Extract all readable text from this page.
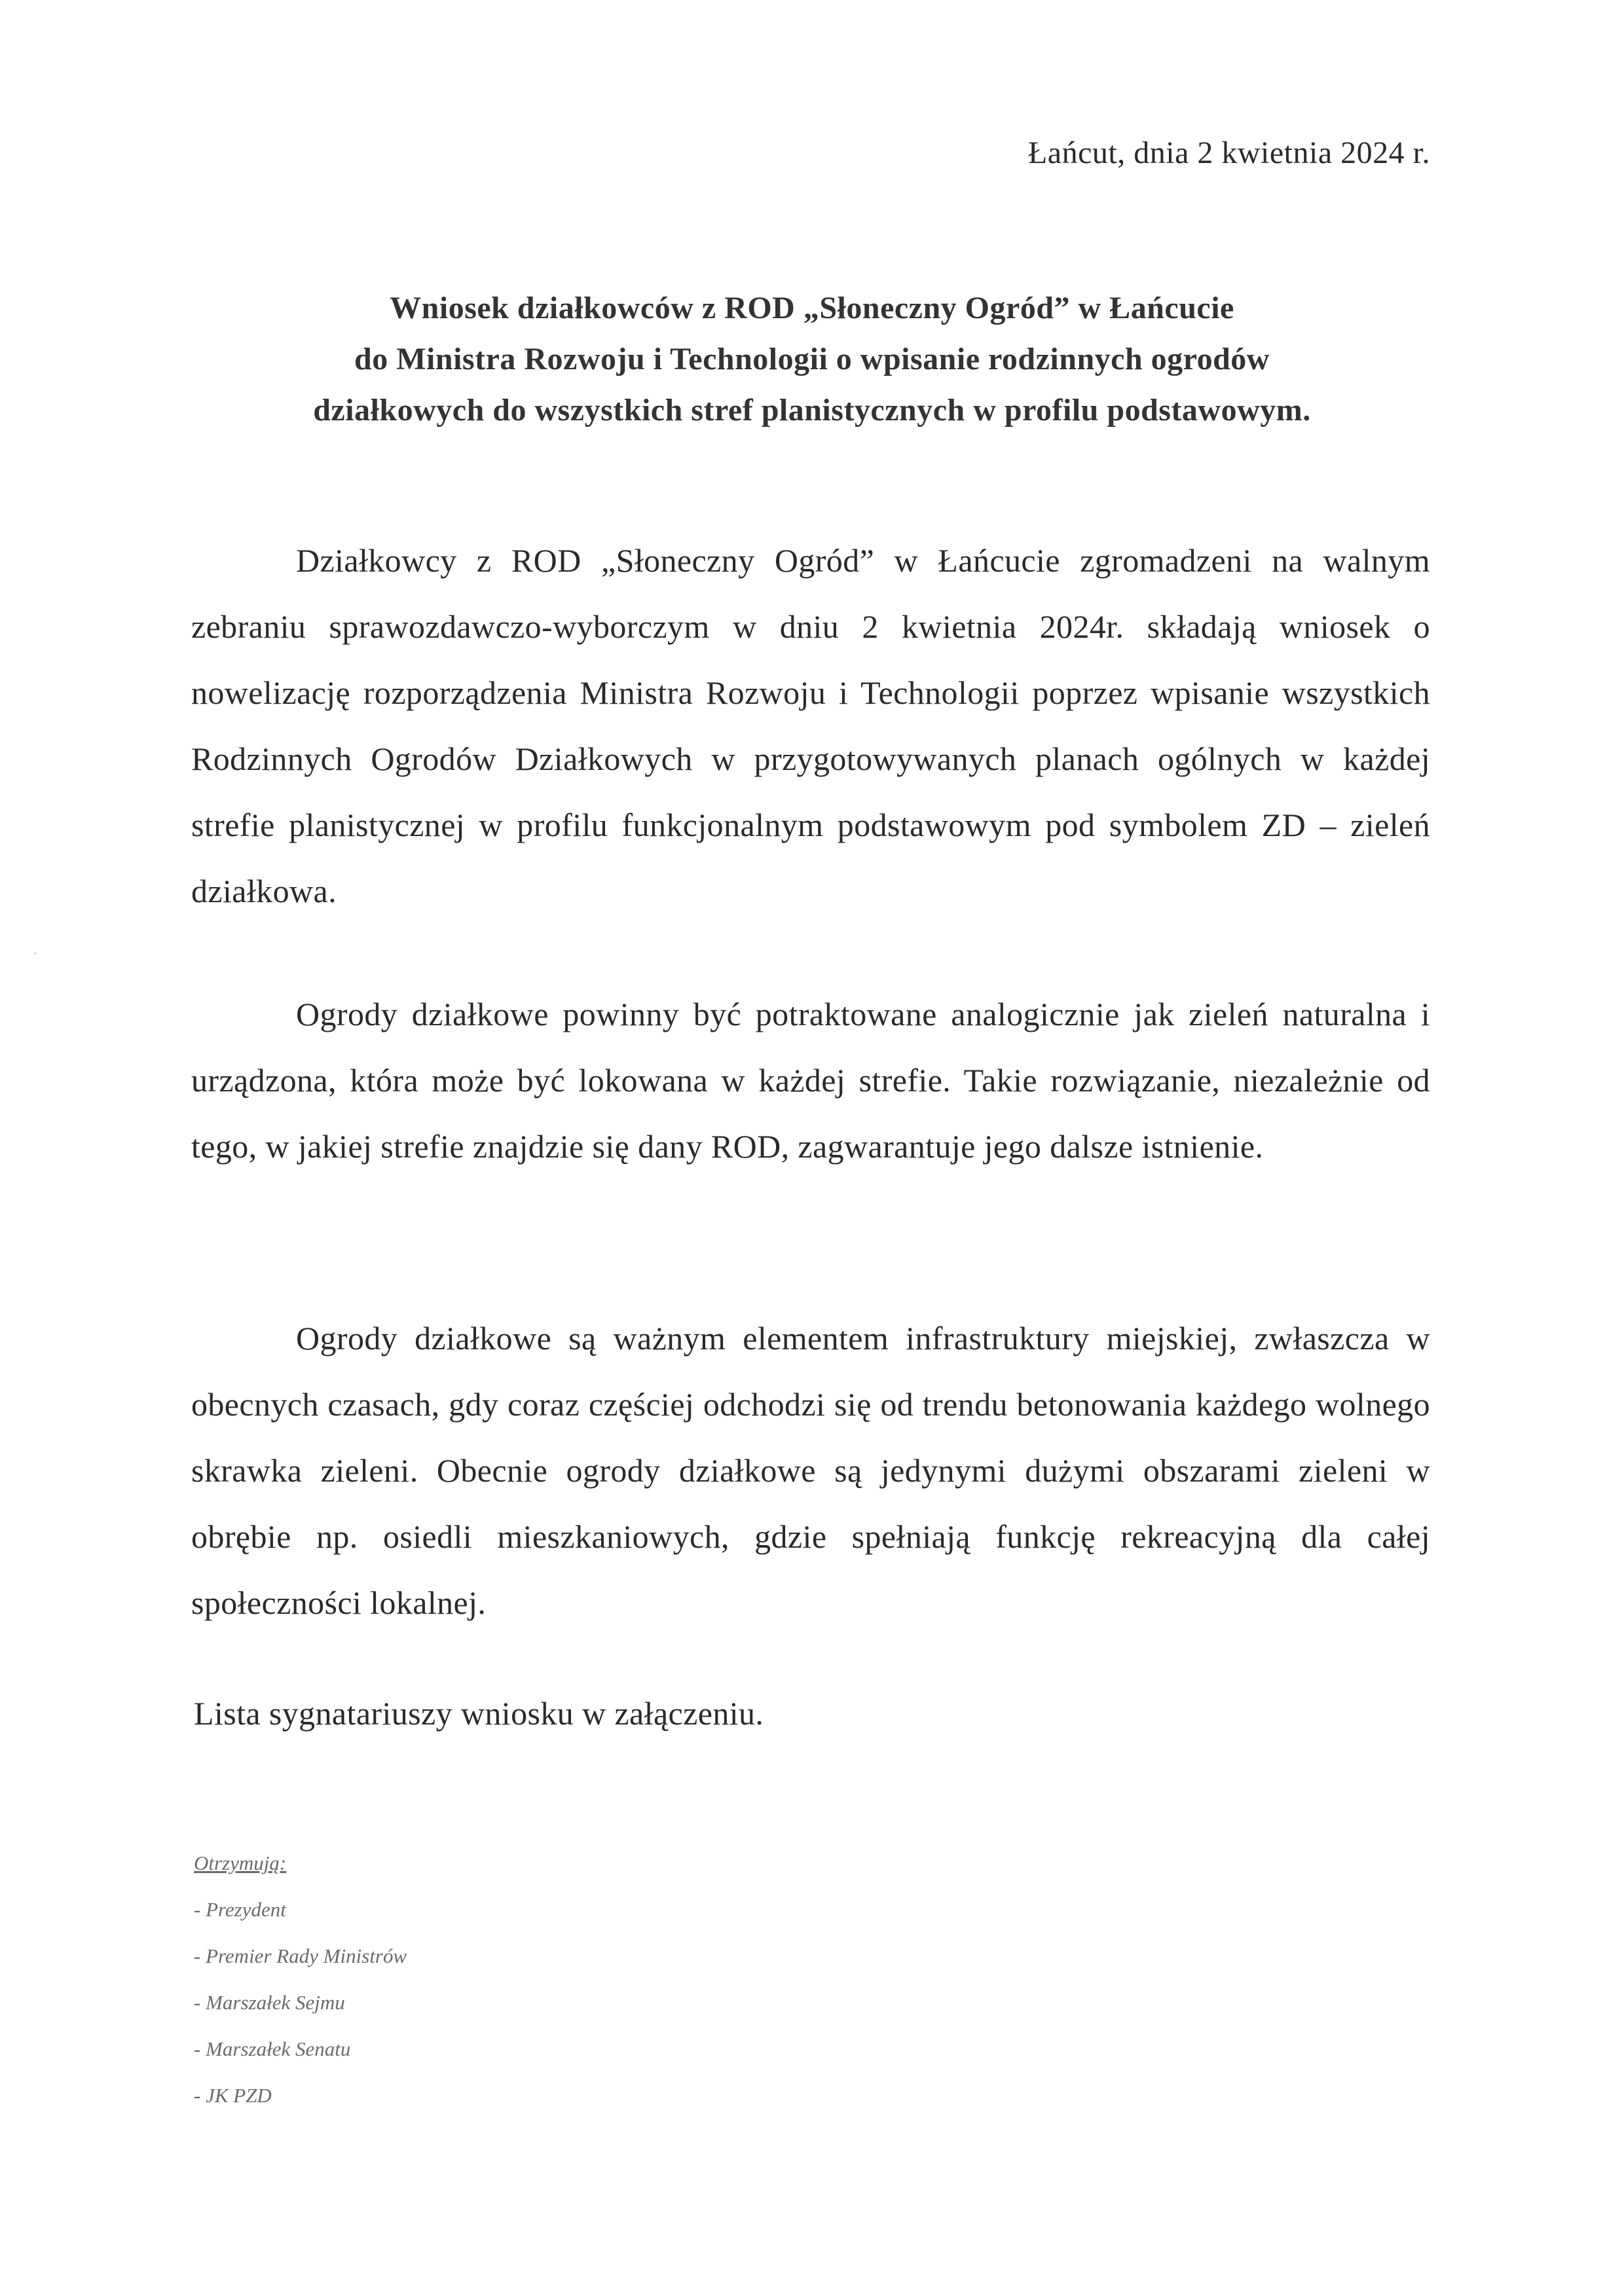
Łańcut, dnia 2 kwietnia 2024 r.
Wniosek działkowców z ROD „Słoneczny Ogród” w Łańcucie
do Ministra Rozwoju i Technologii o wpisanie rodzinnych ogrodów
działkowych do wszystkich stref planistycznych w profilu podstawowym.
Działkowcy z ROD „Słoneczny Ogród” w Łańcucie zgromadzeni na walnym zebraniu sprawozdawczo-wyborczym w dniu 2 kwietnia 2024r. składają wniosek o nowelizację rozporządzenia Ministra Rozwoju i Technologii poprzez wpisanie wszystkich Rodzinnych Ogrodów Działkowych w przygotowywanych planach ogólnych w każdej strefie planistycznej w profilu funkcjonalnym podstawowym pod symbolem ZD – zieleń działkowa.
Ogrody działkowe powinny być potraktowane analogicznie jak zieleń naturalna i urządzona, która może być lokowana w każdej strefie. Takie rozwiązanie, niezależnie od tego, w jakiej strefie znajdzie się dany ROD, zagwarantuje jego dalsze istnienie.
Ogrody działkowe są ważnym elementem infrastruktury miejskiej, zwłaszcza w obecnych czasach, gdy coraz częściej odchodzi się od trendu betonowania każdego wolnego skrawka zieleni. Obecnie ogrody działkowe są jedynymi dużymi obszarami zieleni w obrębie np. osiedli mieszkaniowych, gdzie spełniają funkcję rekreacyjną dla całej społeczności lokalnej.
Lista sygnatariuszy wniosku w załączeniu.
Otrzymują:
- Prezydent
- Premier Rady Ministrów
- Marszałek Sejmu
- Marszałek Senatu
- JK PZD
